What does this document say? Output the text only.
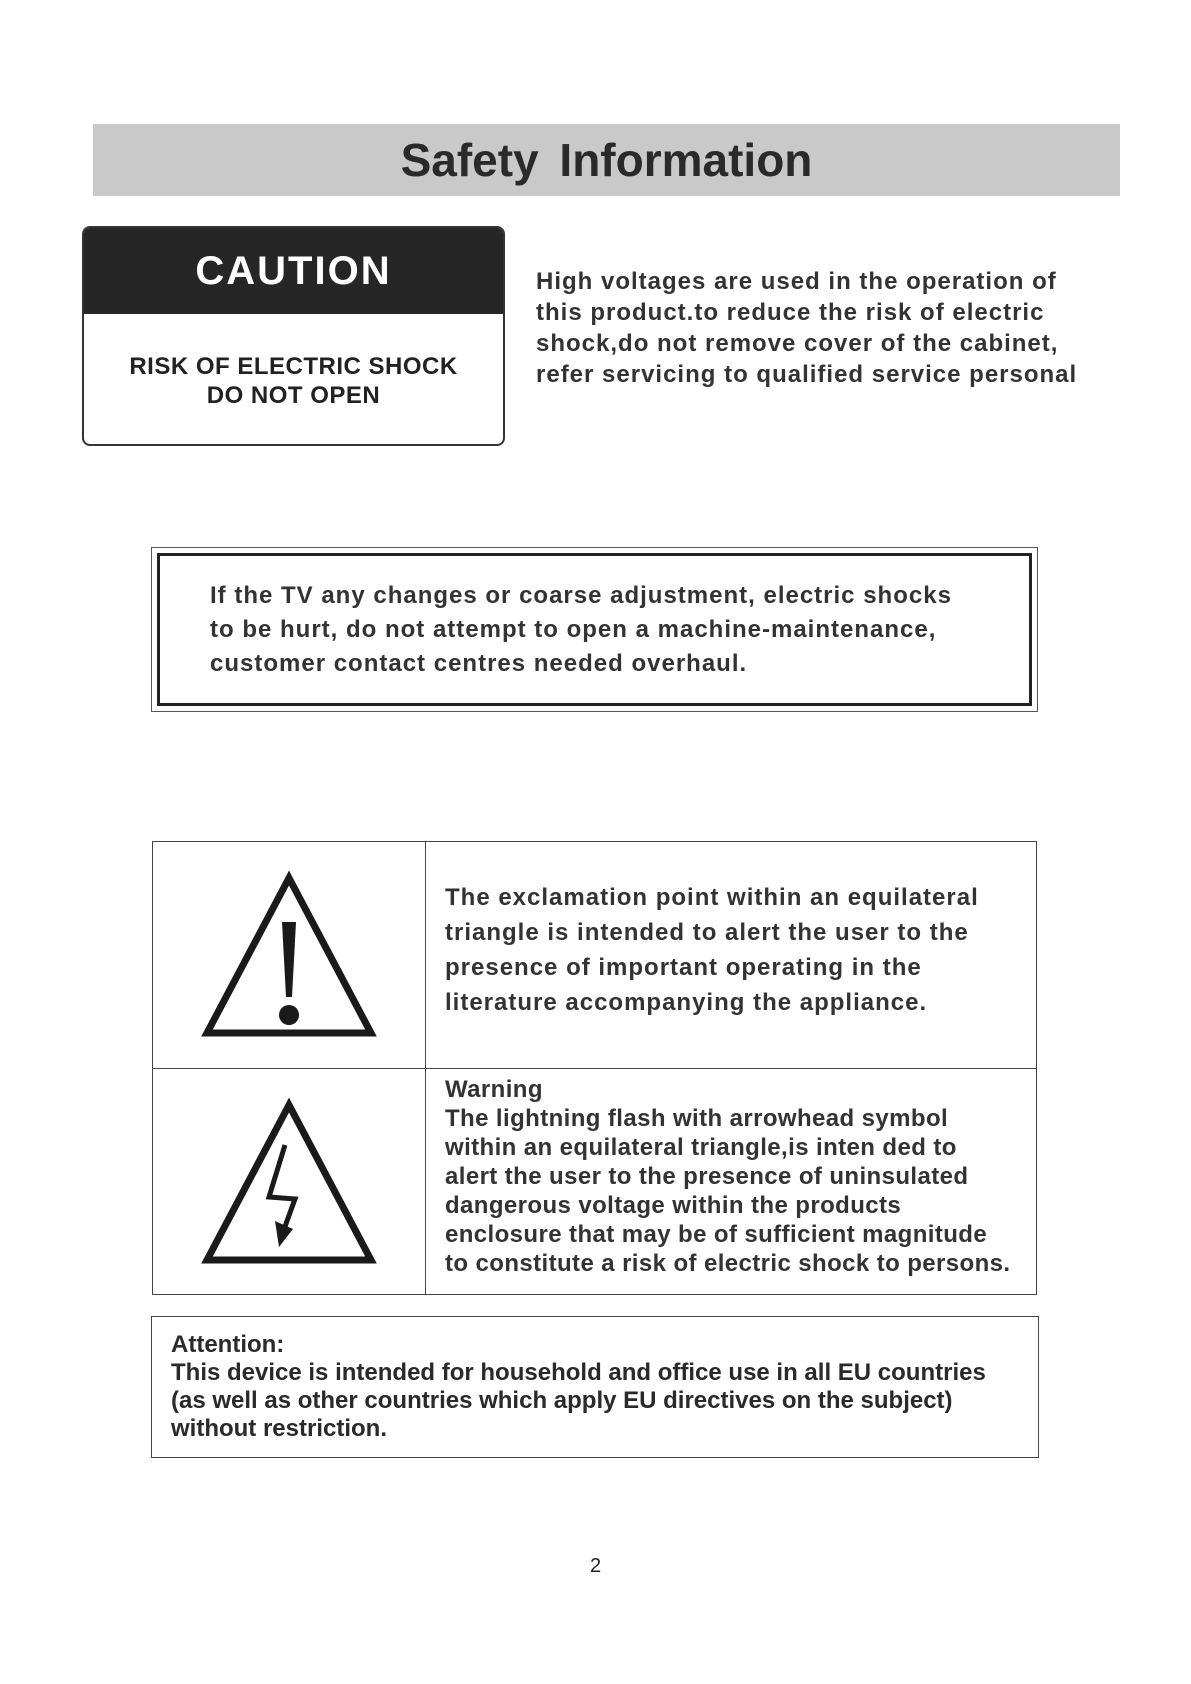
Safety Information
CAUTION
RISK OF ELECTRIC SHOCK
DO NOT OPEN
High voltages are used in the operation of
this product.to reduce the risk of electric
shock,do not remove cover of the cabinet,
refer servicing to qualified service personal
If the TV any changes or coarse adjustment, electric shocks
to be hurt, do not attempt to open a machine-maintenance,
customer contact centres needed overhaul.
The exclamation point within an equilateral
triangle is intended to alert the user to the
presence of important operating in the
literature accompanying the appliance.
Warning
The lightning flash with arrowhead symbol
within an equilateral triangle,is inten ded to
alert the user to the presence of uninsulated
dangerous voltage within the products
enclosure that may be of sufficient magnitude
to constitute a risk of electric shock to persons.
Attention:
This device is intended for household and office use in all EU countries
(as well as other countries which apply EU directives on the subject)
without restriction.
2
